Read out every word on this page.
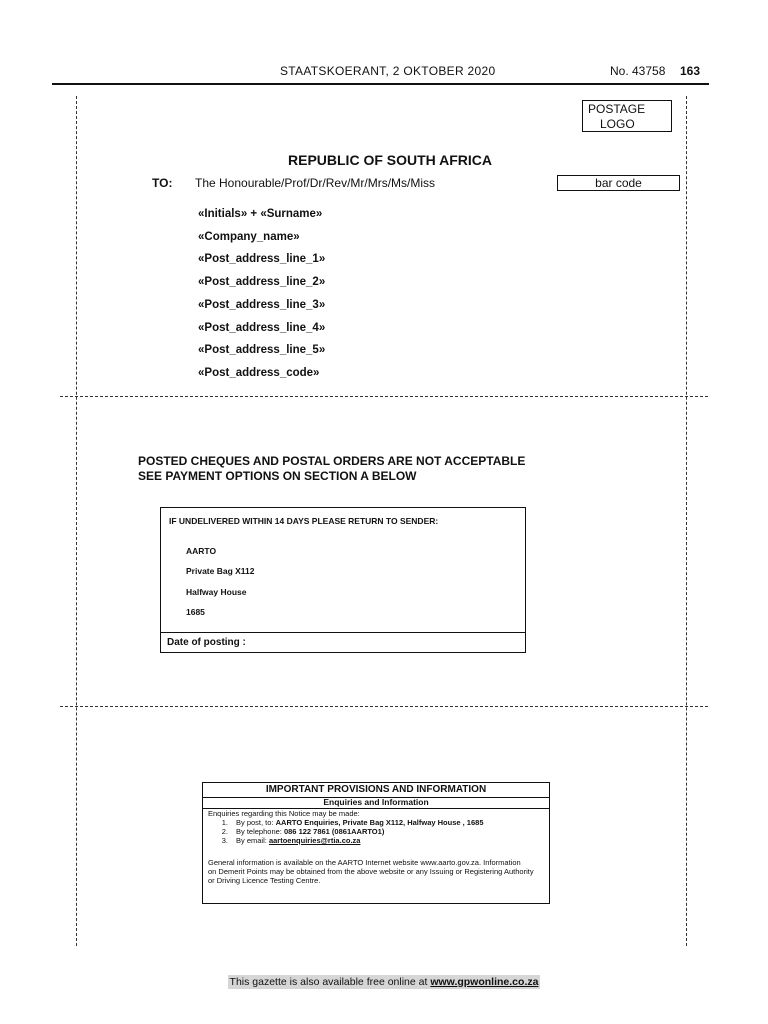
STAATSKOERANT, 2 OKTOBER 2020	No. 43758 163
POSTAGE
LOGO
bar code
REPUBLIC OF SOUTH AFRICA
TO: The Honourable/Prof/Dr/Rev/Mr/Mrs/Ms/Miss
«Initials» + «Surname»
«Company_name»
«Post_address_line_1»
«Post_address_line_2»
«Post_address_line_3»
«Post_address_line_4»
«Post_address_line_5»
«Post_address_code»
POSTED CHEQUES AND POSTAL ORDERS ARE NOT ACCEPTABLE
SEE PAYMENT OPTIONS ON SECTION A BELOW
IF UNDELIVERED WITHIN 14 DAYS PLEASE RETURN TO SENDER:
AARTO
Private Bag X112
Halfway House
1685
Date of posting :
IMPORTANT PROVISIONS AND INFORMATION
Enquiries and Information
Enquiries regarding this Notice may be made:
1. By post, to: AARTO Enquiries, Private Bag X112, Halfway House , 1685
2. By telephone: 086 122 7861 (0861AARTO1)
3. By email: aartoenquiries@rtia.co.za
General information is available on the AARTO Internet website www.aarto.gov.za. Information
on Demerit Points may be obtained from the above website or any Issuing or Registering Authority
or Driving Licence Testing Centre.
This gazette is also available free online at www.gpwonline.co.za
